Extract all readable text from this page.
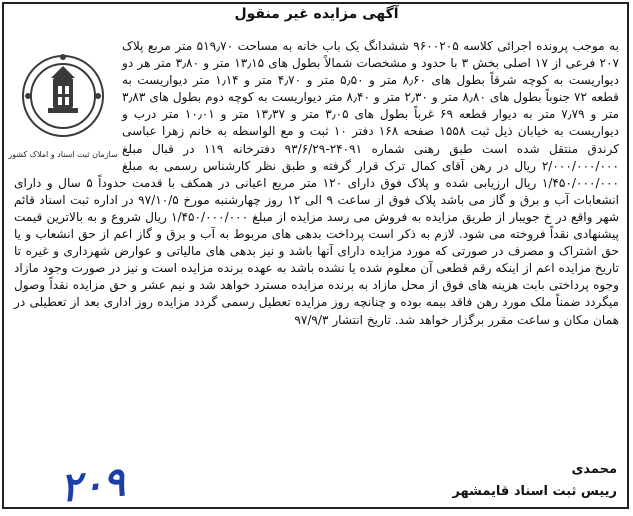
آگهی مزایده غیر منقول
سازمان ثبت اسناد و املاک کشور
به موجب پرونده اجرائی کلاسه ۹۶۰۰۲۰۵ ششدانگ یک باب خانه به مساحت ۵۱۹٫۷۰ متر مربع پلاک ۲۰۷ فرعی از ۱۷ اصلی بخش ۳ با حدود و مشخصات شمالاً بطول های ۱۳٫۱۵ متر و ۳٫۸۰ متر هر دو دیواریست به کوچه شرقاً بطول های ۸٫۶۰ متر و ۵٫۵۰ متر و ۴٫۷۰ متر و ۱٫۱۴ متر دیواریست به قطعه ۷۲ جنوباً بطول های ۸٫۸۰ متر و ۲٫۳۰ متر و ۸٫۴۰ متر دیواریست به کوچه دوم بطول های ۳٫۸۳ متر و ۷٫۷۹ متر به دیوار قطعه ۶۹ غرباً بطول های ۳٫۰۵ متر و ۱۳٫۳۷ متر و ۱۰٫۰۱ متر درب و دیواریست به خیابان ذیل ثبت ۱۵۵۸ صفحه ۱۶۸ دفتر ۱۰ ثبت و مع الواسطه به خانم زهرا عباسی کرندق منتقل شده است طبق رهنی شماره ۲۴۰۹۱-۹۳/۶/۲۹ دفترخانه ۱۱۹ در قبال مبلغ ۲/۰۰۰/۰۰۰/۰۰۰ ریال در رهن آقای کمال ترک قرار گرفته و طبق نظر کارشناس رسمی به مبلغ ۱/۴۵۰/۰۰۰/۰۰۰ ریال ارزیابی شده و پلاک فوق دارای ۱۲۰ متر مربع اعیانی در همکف با قدمت حدوداً ۵ سال و دارای انشعابات آب و برق و گاز می باشد پلاک فوق از ساعت ۹ الی ۱۲ روز چهارشنبه مورخ ۹۷/۱۰/۵ در اداره ثبت اسناد قائم شهر واقع در خ جویبار از طریق مزایده به فروش می رسد مزایده از مبلغ ۱/۴۵۰/۰۰۰/۰۰۰ ریال شروع و به بالاترین قیمت پیشنهادی نقداً فروخته می شود. لازم به ذکر است پرداخت بدهی های مربوط به آب و برق و گاز اعم از حق انشعاب و یا حق اشتراک و مصرف در صورتی که مورد مزایده دارای آنها باشد و نیز بدهی های مالیاتی و عوارض شهرداری و غیره تا تاریخ مزایده اعم از اینکه رقم قطعی آن معلوم شده یا نشده باشد به عهده برنده مزایده است و نیز در صورت وجود مازاد وجوه پرداختی بابت هزینه های فوق از محل مازاد به برنده مزایده مسترد خواهد شد و نیم عشر و حق مزایده نقداً وصول میگردد ضمناً ملک مورد رهن فاقد بیمه بوده و چنانچه روز مزایده تعطیل رسمی گردد مزایده روز اداری بعد از تعطیلی در همان مکان و ساعت مقرر برگزار خواهد شد. تاریخ انتشار ۹۷/۹/۳
محمدی
رییس ثبت اسناد قایمشهر
۲۰۹
